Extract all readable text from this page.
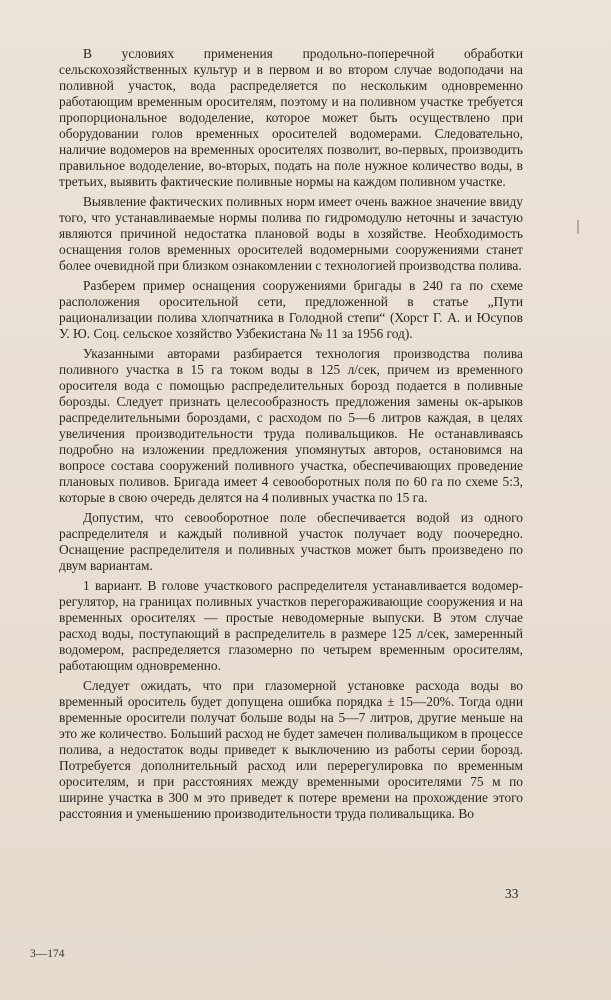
В условиях применения продольно-поперечной обработки сельскохозяйственных культур и в первом и во втором случае водоподачи на поливной участок, вода распределяется по нескольким одновременно работающим временным оросителям, поэтому и на поливном участке требуется пропорциональное вододеление, которое может быть осуществлено при оборудовании голов временных оросителей водомерами. Следовательно, наличие водомеров на временных оросителях позволит, во-первых, производить правильное вододеление, во-вторых, подать на поле нужное количество воды, в третьих, выявить фактические поливные нормы на каждом поливном участке.

Выявление фактических поливных норм имеет очень важное значение ввиду того, что устанавливаемые нормы полива по гидромодулю неточны и зачастую являются причиной недостатка плановой воды в хозяйстве. Необходимость оснащения голов временных оросителей водомерными сооружениями станет более очевидной при близком ознакомлении с технологией производства полива.

Разберем пример оснащения сооружениями бригады в 240 га по схеме расположения оросительной сети, предложенной в статье „Пути рационализации полива хлопчатника в Голодной степи“ (Хорст Г. А. и Юсупов У. Ю. Соц. сельское хозяйство Узбекистана № 11 за 1956 год).

Указанными авторами разбирается технология производства полива поливного участка в 15 га током воды в 125 л/сек, причем из временного оросителя вода с помощью распределительных борозд подается в поливные борозды. Следует признать целесообразность предложения замены ок-арыков распределительными бороздами, с расходом по 5—6 литров каждая, в целях увеличения производительности труда поливальщиков. Не останавливаясь подробно на изложении предложения упомянутых авторов, остановимся на вопросе состава сооружений поливного участка, обеспечивающих проведение плановых поливов. Бригада имеет 4 севооборотных поля по 60 га по схеме 5:3, которые в свою очередь делятся на 4 поливных участка по 15 га.

Допустим, что севооборотное поле обеспечивается водой из одного распределителя и каждый поливной участок получает воду поочередно. Оснащение распределителя и поливных участков может быть произведено по двум вариантам.

1 вариант. В голове участкового распределителя устанавливается водомер-регулятор, на границах поливных участков перегораживающие сооружения и на временных оросителях — простые неводомерные выпуски. В этом случае расход воды, поступающий в распределитель в размере 125 л/сек, замеренный водомером, распределяется глазомерно по четырем временным оросителям, работающим одновременно.

Следует ожидать, что при глазомерной установке расхода воды во временный ороситель будет допущена ошибка порядка ± 15—20%. Тогда одни временные оросители получат больше воды на 5—7 литров, другие меньше на это же количество. Больший расход не будет замечен поливальщиком в процессе полива, а недостаток воды приведет к выключению из работы серии борозд. Потребуется дополнительный расход или перерегулировка по временным оросителям, и при расстояниях между временными оросителями 75 м по ширине участка в 300 м это приведет к потере времени на прохождение этого расстояния и уменьшению производительности труда поливальщика. Во

33
3—174
